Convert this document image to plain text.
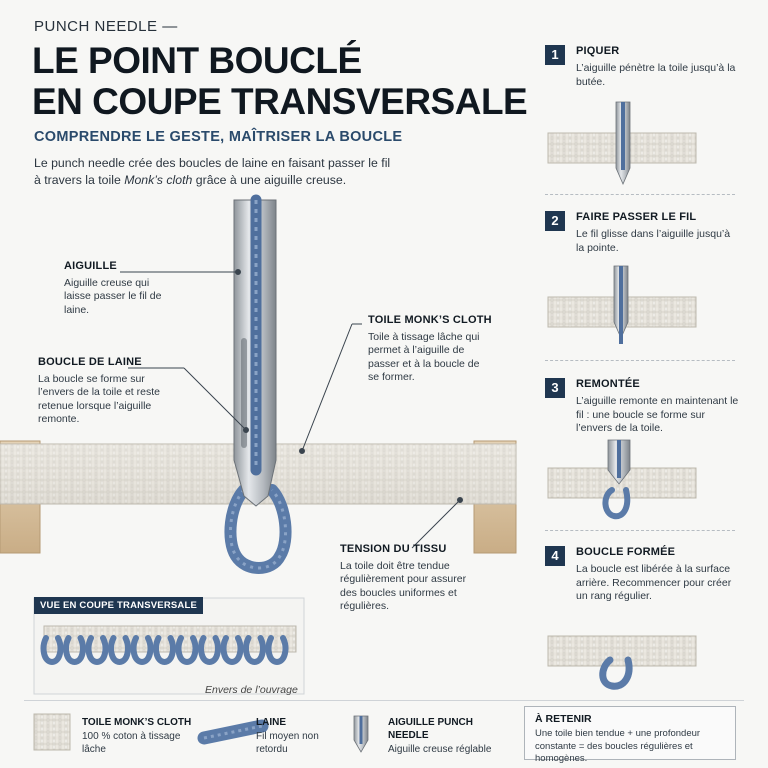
PUNCH NEEDLE —
LE POINT BOUCLÉ
EN COUPE TRANSVERSALE
COMPRENDRE LE GESTE, MAÎTRISER LA BOUCLE

Le punch needle crée des boucles de laine en faisant passer le fil à travers la toile Monk’s cloth grâce à une aiguille creuse.

AIGUILLE
Aiguille creuse qui laisse passer le fil de laine.
BOUCLE DE LAINE
La boucle se forme sur l’envers de la toile et reste retenue lorsque l’aiguille remonte.
TOILE MONK’S CLOTH
Toile à tissage lâche qui permet à l’aiguille de passer et à la boucle de se former.
TENSION DU TISSU
La toile doit être tendue régulièrement pour assurer des boucles uniformes et régulières.
1	PIQUER
L’aiguille pénètre la toile jusqu’à la butée.
2	FAIRE PASSER LE FIL
Le fil glisse dans l’aiguille jusqu’à la pointe.
3	REMONTÉE
L’aiguille remonte en maintenant le fil : une boucle se forme sur l’envers de la toile.
4	BOUCLE FORMÉE
La boucle est libérée à la surface arrière. Recommencer pour créer un rang régulier.
VUE EN COUPE TRANSVERSALE
Envers de l’ouvrage
TOILE MONK’S CLOTH
100 % coton à tissage lâche
LAINE
Fil moyen non retordu
AIGUILLE PUNCH NEEDLE
Aiguille creuse réglable
À RETENIR
Une toile bien tendue + une profondeur constante = des boucles régulières et homogènes.
